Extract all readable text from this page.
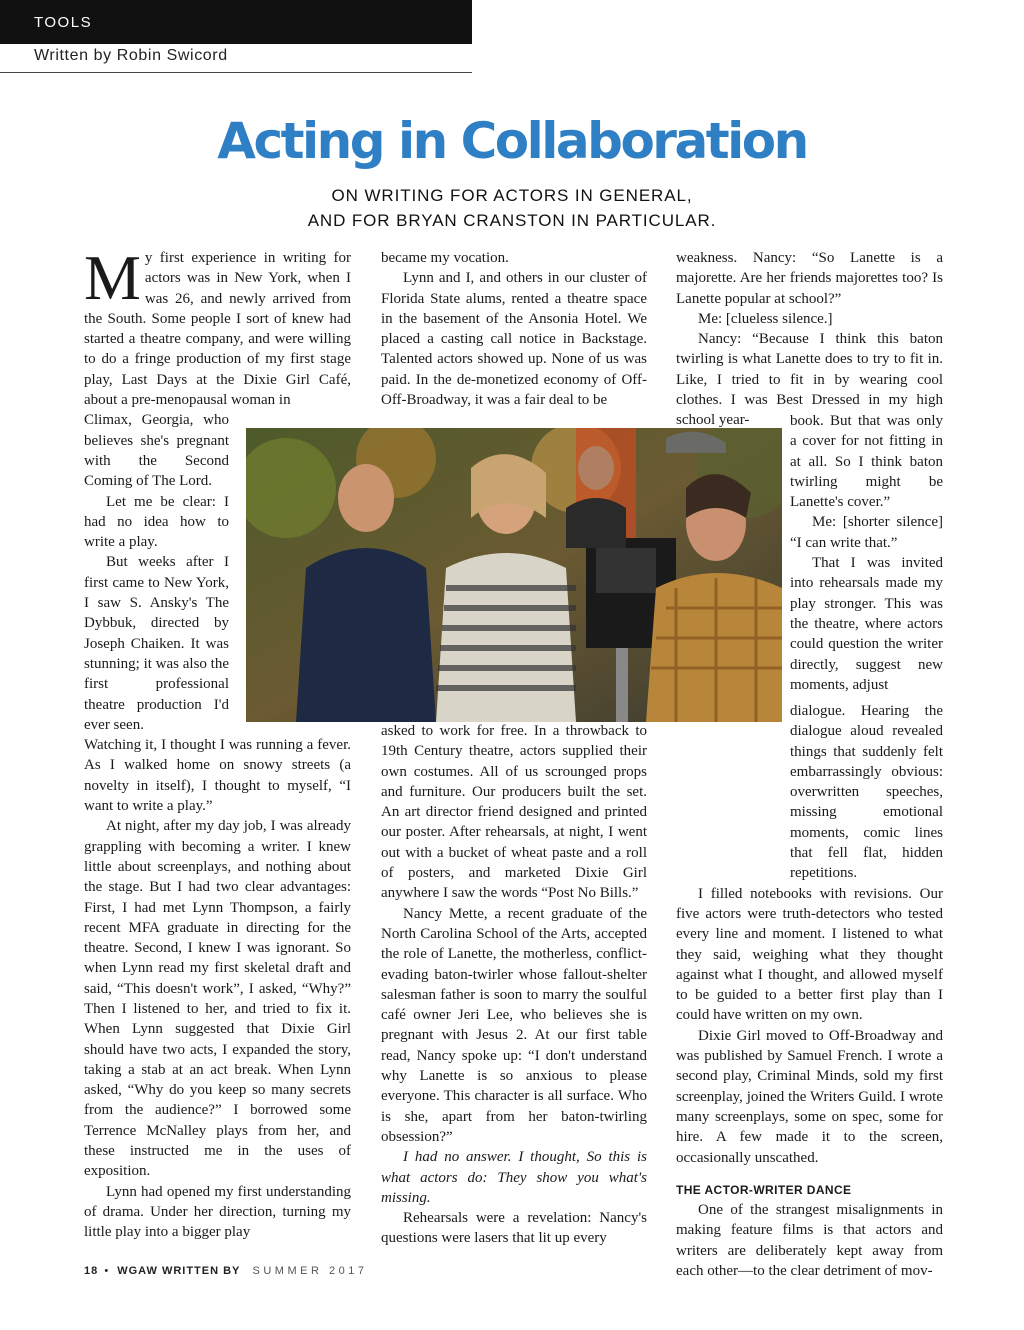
TOOLS
Written by Robin Swicord
Acting in Collaboration
ON WRITING FOR ACTORS IN GENERAL,
AND FOR BRYAN CRANSTON IN PARTICULAR.

My first experience in writing for actors was in New York, when I was 26, and newly arrived from the South. Some people I sort of knew had started a theatre company, and were willing to do a fringe production of my first stage play, Last Days at the Dixie Girl Café, about a pre-menopausal woman in

Climax, Georgia, who believes she's pregnant with the Second Coming of The Lord.

Let me be clear: I had no idea how to write a play.

But weeks after I first came to New York, I saw S. Ansky's The Dybbuk, directed by Joseph Chaiken. It was stunning; it was also the first professional theatre production I'd ever seen.

Watching it, I thought I was running a fever. As I walked home on snowy streets (a novelty in itself), I thought to myself, “I want to write a play.”

At night, after my day job, I was already grappling with becoming a writer. I knew little about screenplays, and nothing about the stage. But I had two clear advantages: First, I had met Lynn Thompson, a fairly recent MFA graduate in directing for the theatre. Second, I knew I was ignorant. So when Lynn read my first skeletal draft and said, “This doesn't work”, I asked, “Why?” Then I listened to her, and tried to fix it. When Lynn suggested that Dixie Girl should have two acts, I expanded the story, taking a stab at an act break. When Lynn asked, “Why do you keep so many secrets from the audience?” I borrowed some Terrence McNalley plays from her, and these instructed me in the uses of exposition.

Lynn had opened my first understanding of drama. Under her direction, turning my little play into a bigger play

became my vocation.

Lynn and I, and others in our cluster of Florida State alums, rented a theatre space in the basement of the Ansonia Hotel. We placed a casting call notice in Backstage. Talented actors showed up. None of us was paid. In the de-monetized economy of Off-Off-Broadway, it was a fair deal to be

asked to work for free. In a throwback to 19th Century theatre, actors supplied their own costumes. All of us scrounged props and furniture. Our producers built the set. An art director friend designed and printed our poster. After rehearsals, at night, I went out with a bucket of wheat paste and a roll of posters, and marketed Dixie Girl anywhere I saw the words “Post No Bills.”

Nancy Mette, a recent graduate of the North Carolina School of the Arts, accepted the role of Lanette, the motherless, conflict-evading baton-twirler whose fallout-shelter salesman father is soon to marry the soulful café owner Jeri Lee, who believes she is pregnant with Jesus 2. At our first table read, Nancy spoke up: “I don't understand why Lanette is so anxious to please everyone. This character is all surface. Who is she, apart from her baton-twirling obsession?”

I had no answer. I thought, So this is what actors do: They show you what's missing.

Rehearsals were a revelation: Nancy's questions were lasers that lit up every

weakness. Nancy: “So Lanette is a majorette. Are her friends majorettes too? Is Lanette popular at school?”

Me: [clueless silence.]

Nancy: “Because I think this baton twirling is what Lanette does to try to fit in. Like, I tried to fit in by wearing cool clothes. I was Best Dressed in my high school year-	book. But that was only a cover for not fitting in at all. So I think baton twirling might be Lanette's cover.”

Me: [shorter silence] “I can write that.”

That I was invited into rehearsals made my play stronger. This was the theatre, where actors could question the writer directly, suggest new moments, adjust

dialogue. Hearing the dialogue aloud revealed things that suddenly felt embarrassingly obvious: overwritten speeches, missing emotional moments, comic lines that fell flat, hidden repetitions.

I filled notebooks with revisions. Our five actors were truth-detectors who tested every line and moment. I listened to what they said, weighing what they thought against what I thought, and allowed myself to be guided to a better first play than I could have written on my own.

Dixie Girl moved to Off-Broadway and was published by Samuel French. I wrote a second play, Criminal Minds, sold my first screenplay, joined the Writers Guild. I wrote many screenplays, some on spec, some for hire. A few made it to the screen, occasionally unscathed.

THE ACTOR-WRITER DANCE

One of the strangest misalignments in making feature films is that actors and writers are deliberately kept away from each other—to the clear detriment of mov-

18 • WGAW WRITTEN BY SUMMER 2017
